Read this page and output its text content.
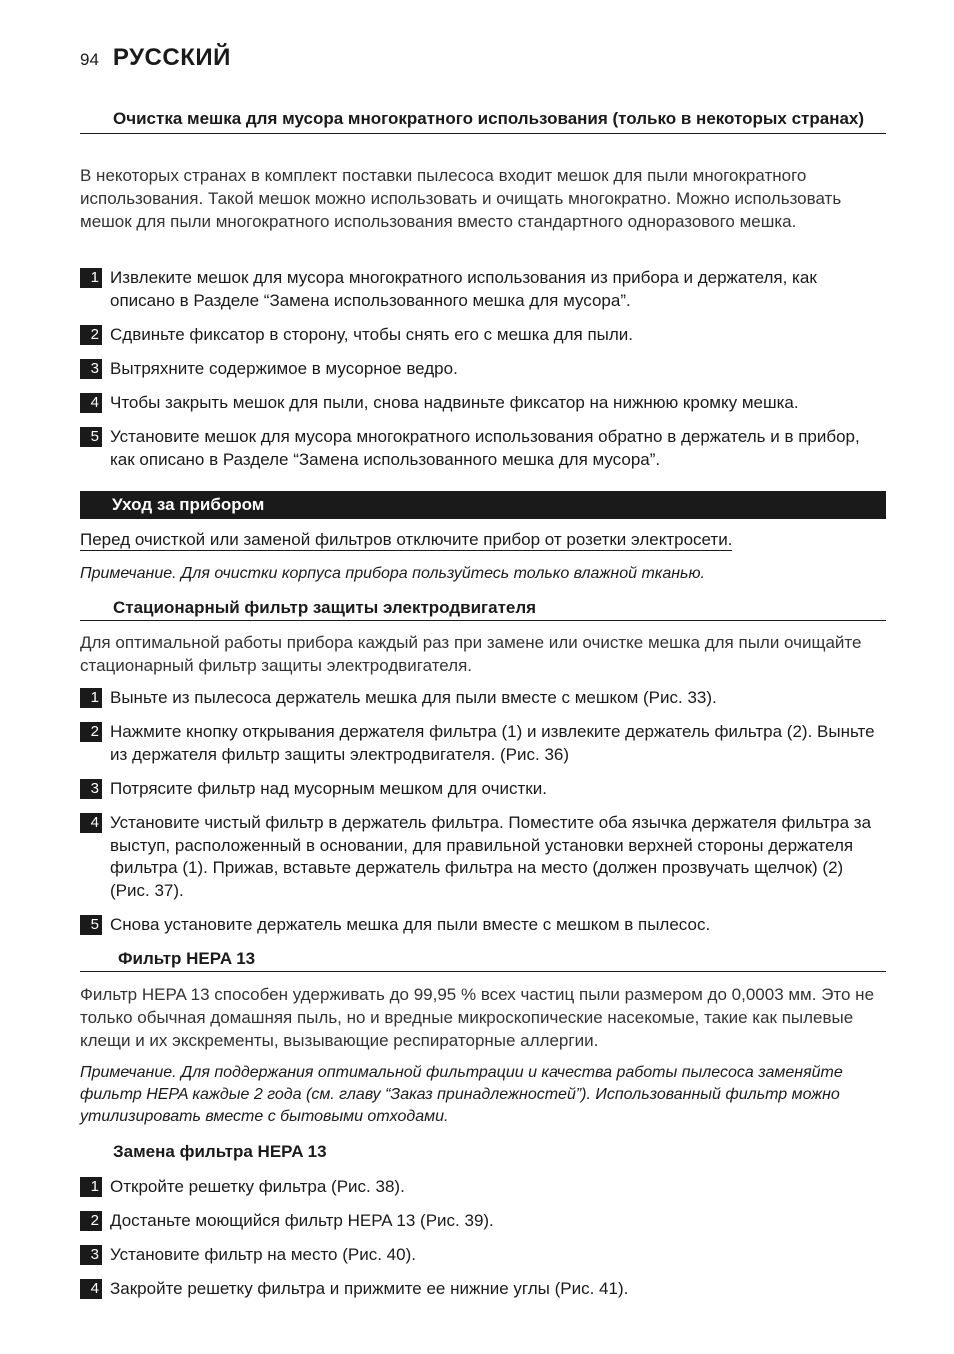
94 РУССКИЙ
Очистка мешка для мусора многократного использования (только в некоторых странах)
В некоторых странах в комплект поставки пылесоса входит мешок для пыли многократного использования. Такой мешок можно использовать и очищать многократно. Можно использовать мешок для пыли многократного использования вместо стандартного одноразового мешка.
1 Извлеките мешок для мусора многократного использования из прибора и держателя, как описано в Разделе “Замена использованного мешка для мусора”.
2 Сдвиньте фиксатор в сторону, чтобы снять его с мешка для пыли.
3 Вытряхните содержимое в мусорное ведро.
4 Чтобы закрыть мешок для пыли, снова надвиньте фиксатор на нижнюю кромку мешка.
5 Установите мешок для мусора многократного использования обратно в держатель и в прибор, как описано в Разделе “Замена использованного мешка для мусора”.
Уход за прибором
Перед очисткой или заменой фильтров отключите прибор от розетки электросети.
Примечание. Для очистки корпуса прибора пользуйтесь только влажной тканью.
Стационарный фильтр защиты электродвигателя
Для оптимальной работы прибора каждый раз при замене или очистке мешка для пыли очищайте стационарный фильтр защиты электродвигателя.
1 Выньте из пылесоса держатель мешка для пыли вместе с мешком (Рис. 33).
2 Нажмите кнопку открывания держателя фильтра (1) и извлеките держатель фильтра (2). Выньте из держателя фильтр защиты электродвигателя. (Рис. 36)
3 Потрясите фильтр над мусорным мешком для очистки.
4 Установите чистый фильтр в держатель фильтра. Поместите оба язычка держателя фильтра за выступ, расположенный в основании, для правильной установки верхней стороны держателя фильтра (1). Прижав, вставьте держатель фильтра на место (должен прозвучать щелчок) (2) (Рис. 37).
5 Снова установите держатель мешка для пыли вместе с мешком в пылесос.
Фильтр HEPA 13
Фильтр HEPA 13 способен удерживать до 99,95 % всех частиц пыли размером до 0,0003 мм. Это не только обычная домашняя пыль, но и вредные микроскопические насекомые, такие как пылевые клещи и их экскременты, вызывающие респираторные аллергии.
Примечание. Для поддержания оптимальной фильтрации и качества работы пылесоса заменяйте фильтр HEPA каждые 2 года (см. главу “Заказ принадлежностей”). Использованный фильтр можно утилизировать вместе с бытовыми отходами.
Замена фильтра HEPA 13
1 Откройте решетку фильтра (Рис. 38).
2 Достаньте моющийся фильтр HEPA 13 (Рис. 39).
3 Установите фильтр на место (Рис. 40).
4 Закройте решетку фильтра и прижмите ее нижние углы (Рис. 41).
